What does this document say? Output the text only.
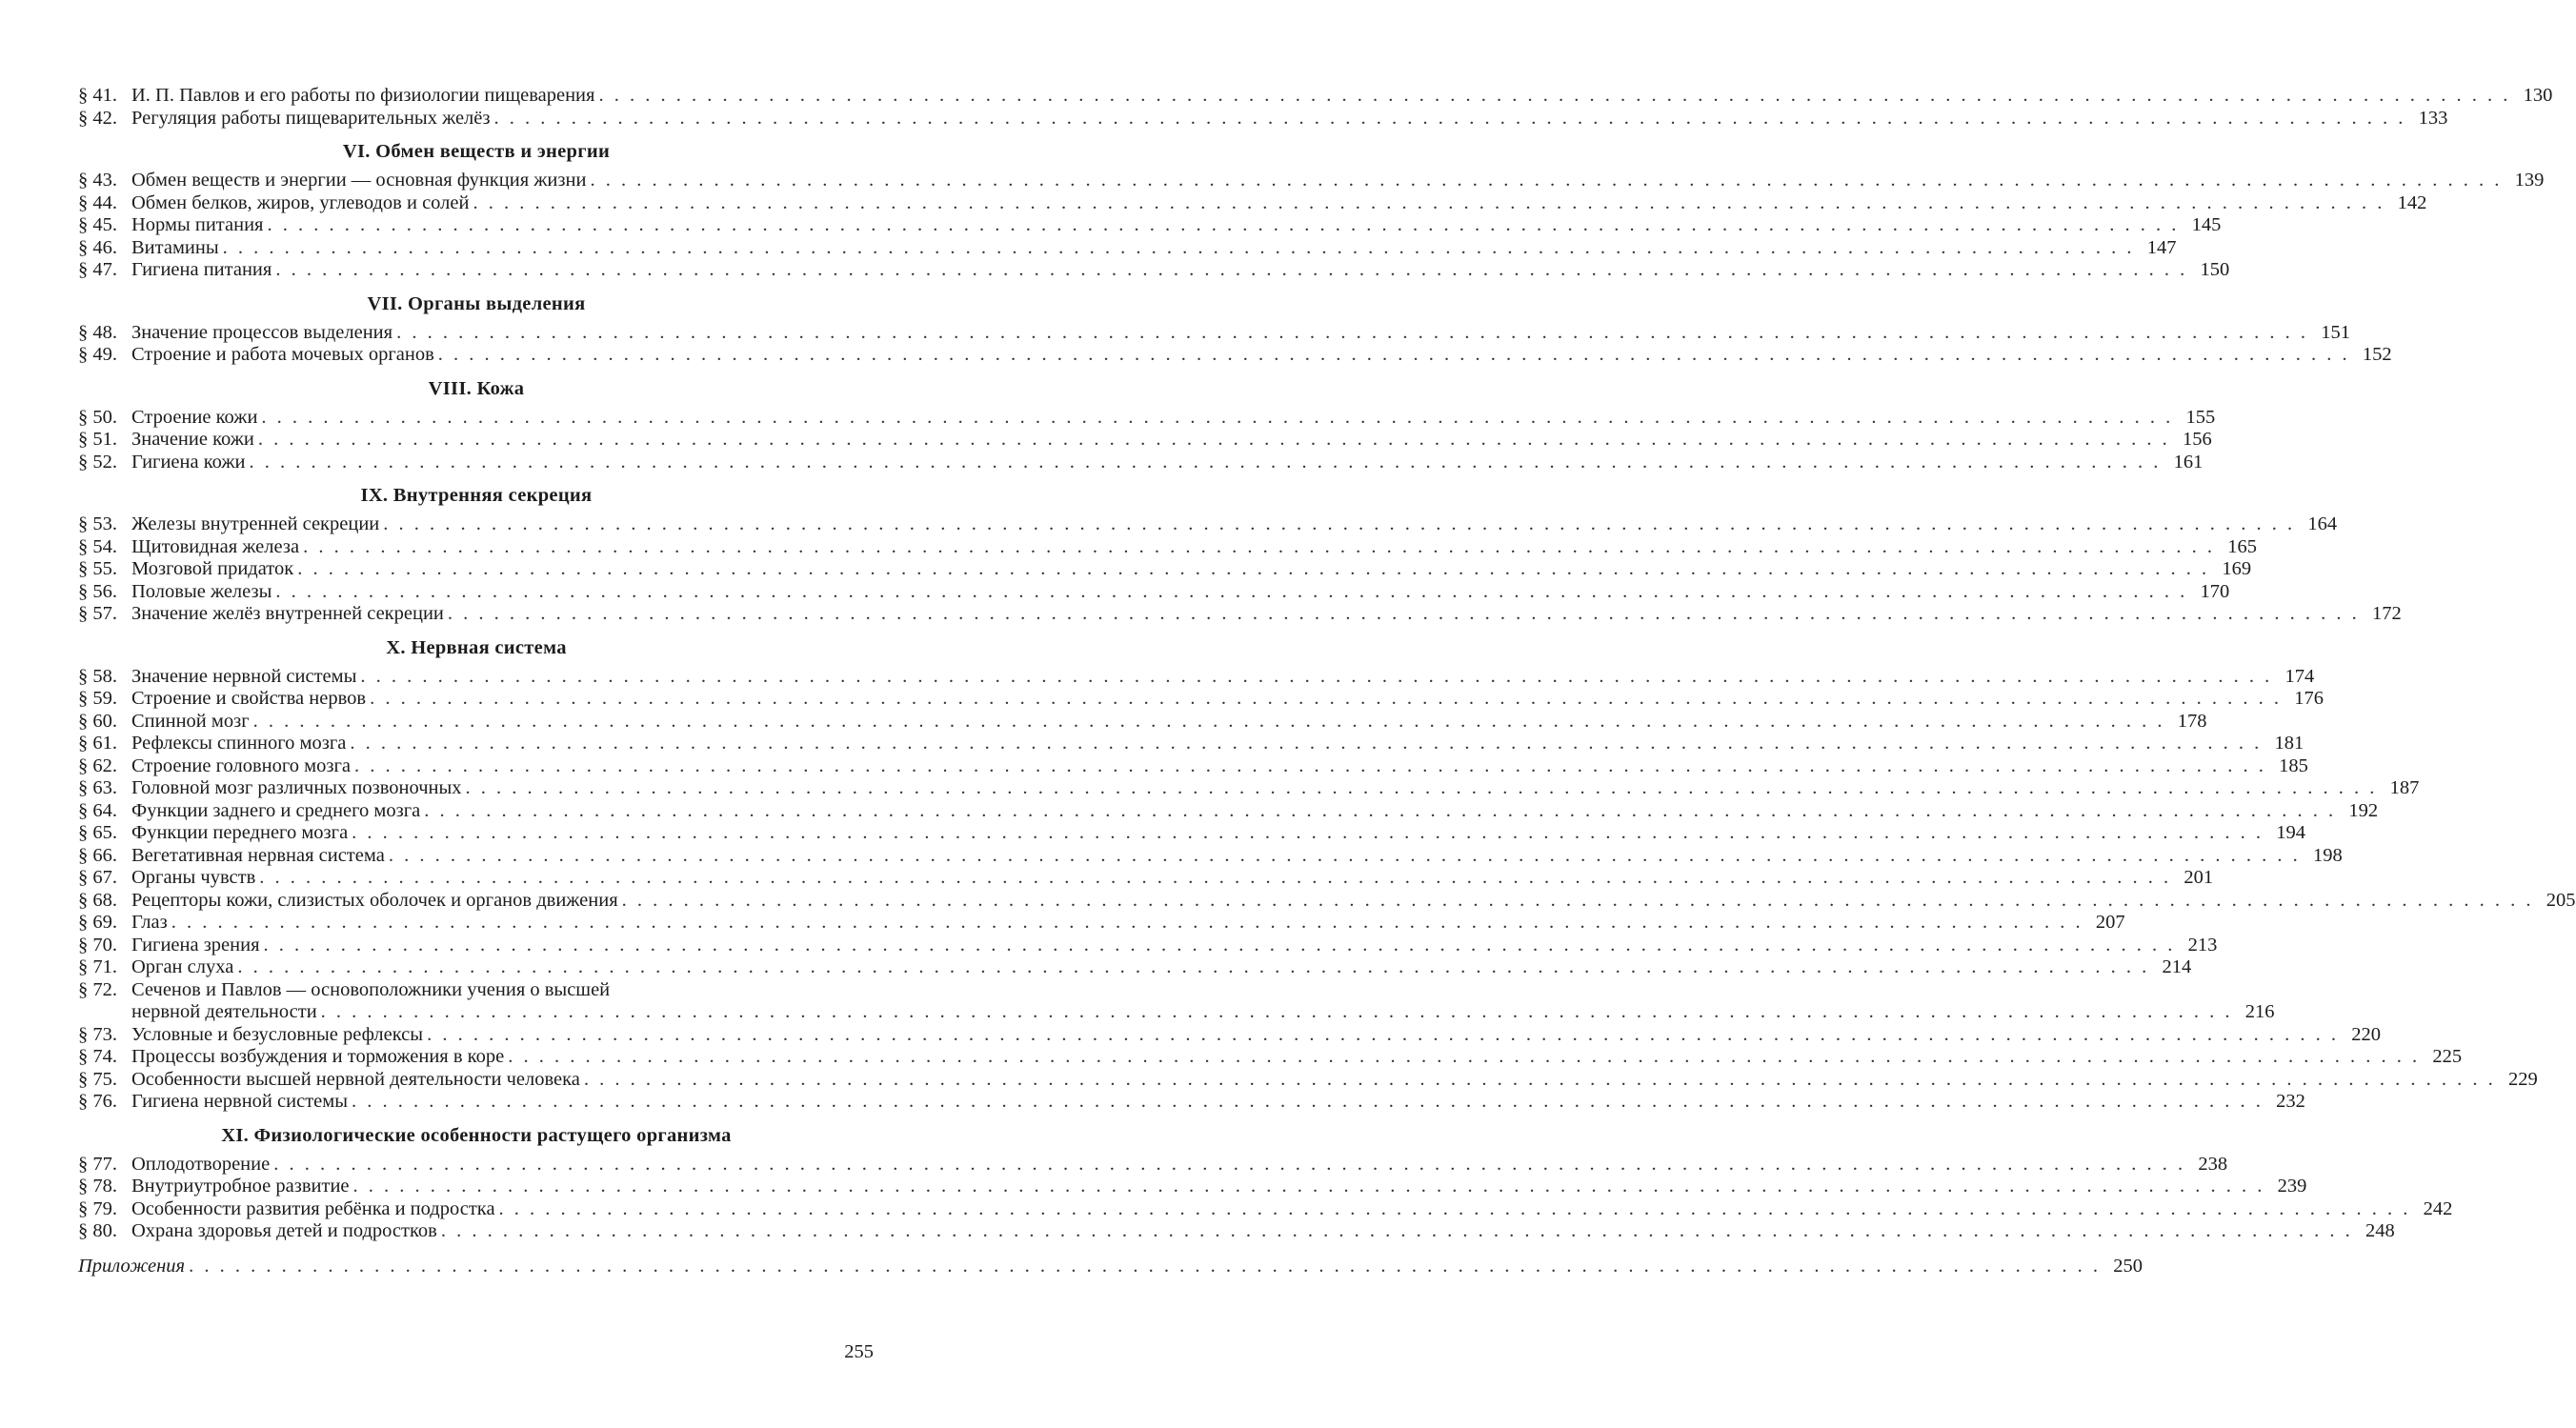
§ 41. И. П. Павлов и его работы по физиологии пищеварения . . .	130
§ 42. Регуляция работы пищеварительных желёз . . .	133
VI. Обмен веществ и энергии
§ 43. Обмен веществ и энергии — основная функция жизни . . .	139
§ 44. Обмен белков, жиров, углеводов и солей . . .	142
§ 45. Нормы питания . . .	145
§ 46. Витамины . . .	147
§ 47. Гигиена питания . . .	150
VII. Органы выделения
§ 48. Значение процессов выделения . . .	151
§ 49. Строение и работа мочевых органов . . .	152
VIII. Кожа
§ 50. Строение кожи . . .	155
§ 51. Значение кожи . . .	156
§ 52. Гигиена кожи . . .	161
IX. Внутренняя секреция
§ 53. Железы внутренней секреции . . .	164
§ 54. Щитовидная железа . . .	165
§ 55. Мозговой придаток . . .	169
§ 56. Половые железы . . .	170
§ 57. Значение желёз внутренней секреции . . .	172
X. Нервная система
§ 58. Значение нервной системы . . .	174
§ 59. Строение и свойства нервов . . .	176
§ 60. Спинной мозг . . .	178
§ 61. Рефлексы спинного мозга . . .	181
§ 62. Строение головного мозга . . .	185
§ 63. Головной мозг различных позвоночных . . .	187
§ 64. Функции заднего и среднего мозга . . .	192
§ 65. Функции переднего мозга . . .	194
§ 66. Вегетативная нервная система . . .	198
§ 67. Органы чувств . . .	201
§ 68. Рецепторы кожи, слизистых оболочек и органов движения . . .	205
§ 69. Глаз . . .	207
§ 70. Гигиена зрения . . .	213
§ 71. Орган слуха . . .	214
§ 72. Сеченов и Павлов — основоположники учения о высшей
нервной деятельности . . .	216
§ 73. Условные и безусловные рефлексы . . .	220
§ 74. Процессы возбуждения и торможения в коре . . .	225
§ 75. Особенности высшей нервной деятельности человека . . .	229
§ 76. Гигиена нервной системы . . .	232
XI. Физиологические особенности растущего организма
§ 77. Оплодотворение . . .	238
§ 78. Внутриутробное развитие . . .	239
§ 79. Особенности развития ребёнка и подростка . . .	242
§ 80. Охрана здоровья детей и подростков . . .	248
Приложения . . .	250
255
